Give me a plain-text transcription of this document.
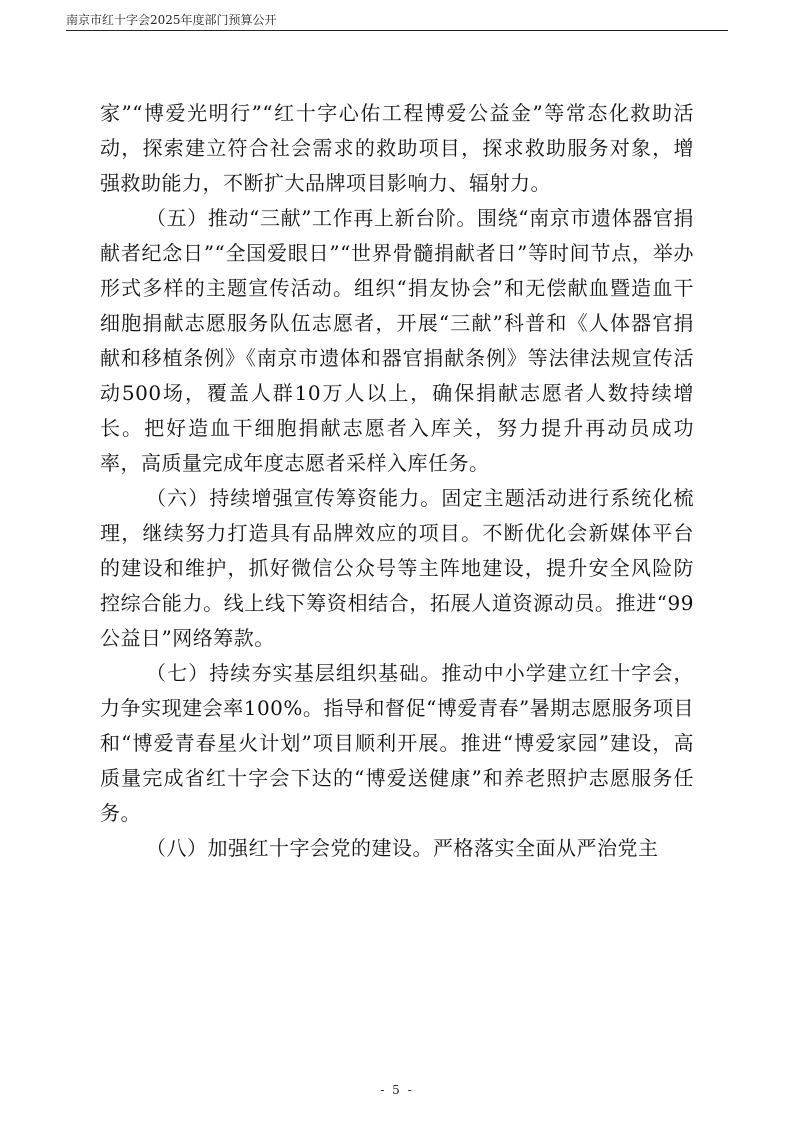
南京市红十字会2025年度部门预算公开

家”“博爱光明行”“红十字心佑工程博爱公益金”等常态化救助活动，探索建立符合社会需求的救助项目，探求救助服务对象，增强救助能力，不断扩大品牌项目影响力、辐射力。

（五）推动“三献”工作再上新台阶。围绕“南京市遗体器官捐献者纪念日”“全国爱眼日”“世界骨髓捐献者日”等时间节点，举办形式多样的主题宣传活动。组织“捐友协会”和无偿献血暨造血干细胞捐献志愿服务队伍志愿者，开展“三献”科普和《人体器官捐献和移植条例》《南京市遗体和器官捐献条例》等法律法规宣传活动500场，覆盖人群10万人以上，确保捐献志愿者人数持续增长。把好造血干细胞捐献志愿者入库关，努力提升再动员成功率，高质量完成年度志愿者采样入库任务。

（六）持续增强宣传筹资能力。固定主题活动进行系统化梳理，继续努力打造具有品牌效应的项目。不断优化会新媒体平台的建设和维护，抓好微信公众号等主阵地建设，提升安全风险防控综合能力。线上线下筹资相结合，拓展人道资源动员。推进“99公益日”网络筹款。

（七）持续夯实基层组织基础。推动中小学建立红十字会，力争实现建会率100%。指导和督促“博爱青春”暑期志愿服务项目和“博爱青春星火计划”项目顺利开展。推进“博爱家园”建设，高质量完成省红十字会下达的“博爱送健康”和养老照护志愿服务任务。

（八）加强红十字会党的建设。严格落实全面从严治党主

- 5 -
